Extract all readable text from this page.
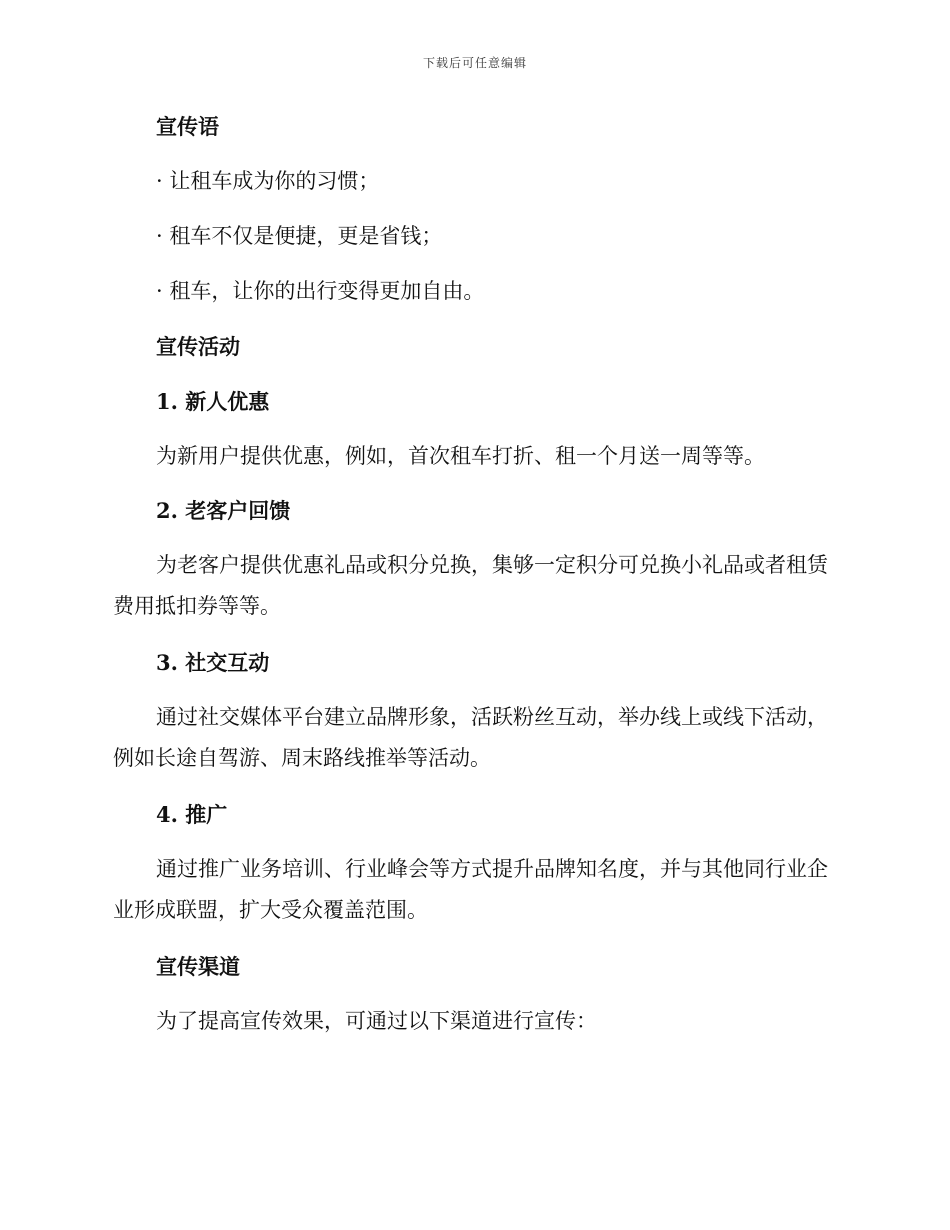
下载后可任意编辑
宣传语
· 让租车成为你的习惯；
· 租车不仅是便捷，更是省钱；
· 租车，让你的出行变得更加自由。
宣传活动
1. 新人优惠
为新用户提供优惠，例如，首次租车打折、租一个月送一周等等。
2. 老客户回馈
为老客户提供优惠礼品或积分兑换，集够一定积分可兑换小礼品或者租赁费用抵扣券等等。
3. 社交互动
通过社交媒体平台建立品牌形象，活跃粉丝互动，举办线上或线下活动，例如长途自驾游、周末路线推举等活动。
4. 推广
通过推广业务培训、行业峰会等方式提升品牌知名度，并与其他同行业企业形成联盟，扩大受众覆盖范围。
宣传渠道
为了提高宣传效果，可通过以下渠道进行宣传：
